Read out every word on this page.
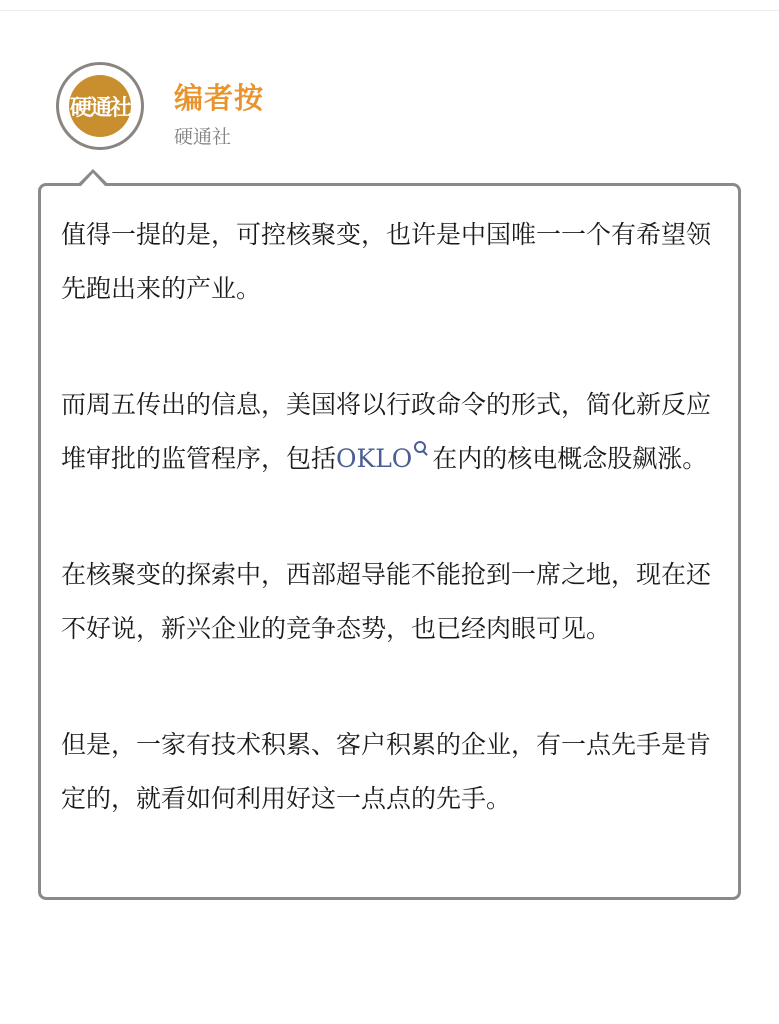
硬通社 编者按
硬通社

值得一提的是，可控核聚变，也许是中国唯一一个有希望领先跑出来的产业。

而周五传出的信息，美国将以行政命令的形式，简化新反应堆审批的监管程序，包括OKLO 在内的核电概念股飙涨。

在核聚变的探索中，西部超导能不能抢到一席之地，现在还不好说，新兴企业的竞争态势，也已经肉眼可见。

但是，一家有技术积累、客户积累的企业，有一点先手是肯定的，就看如何利用好这一点点的先手。
